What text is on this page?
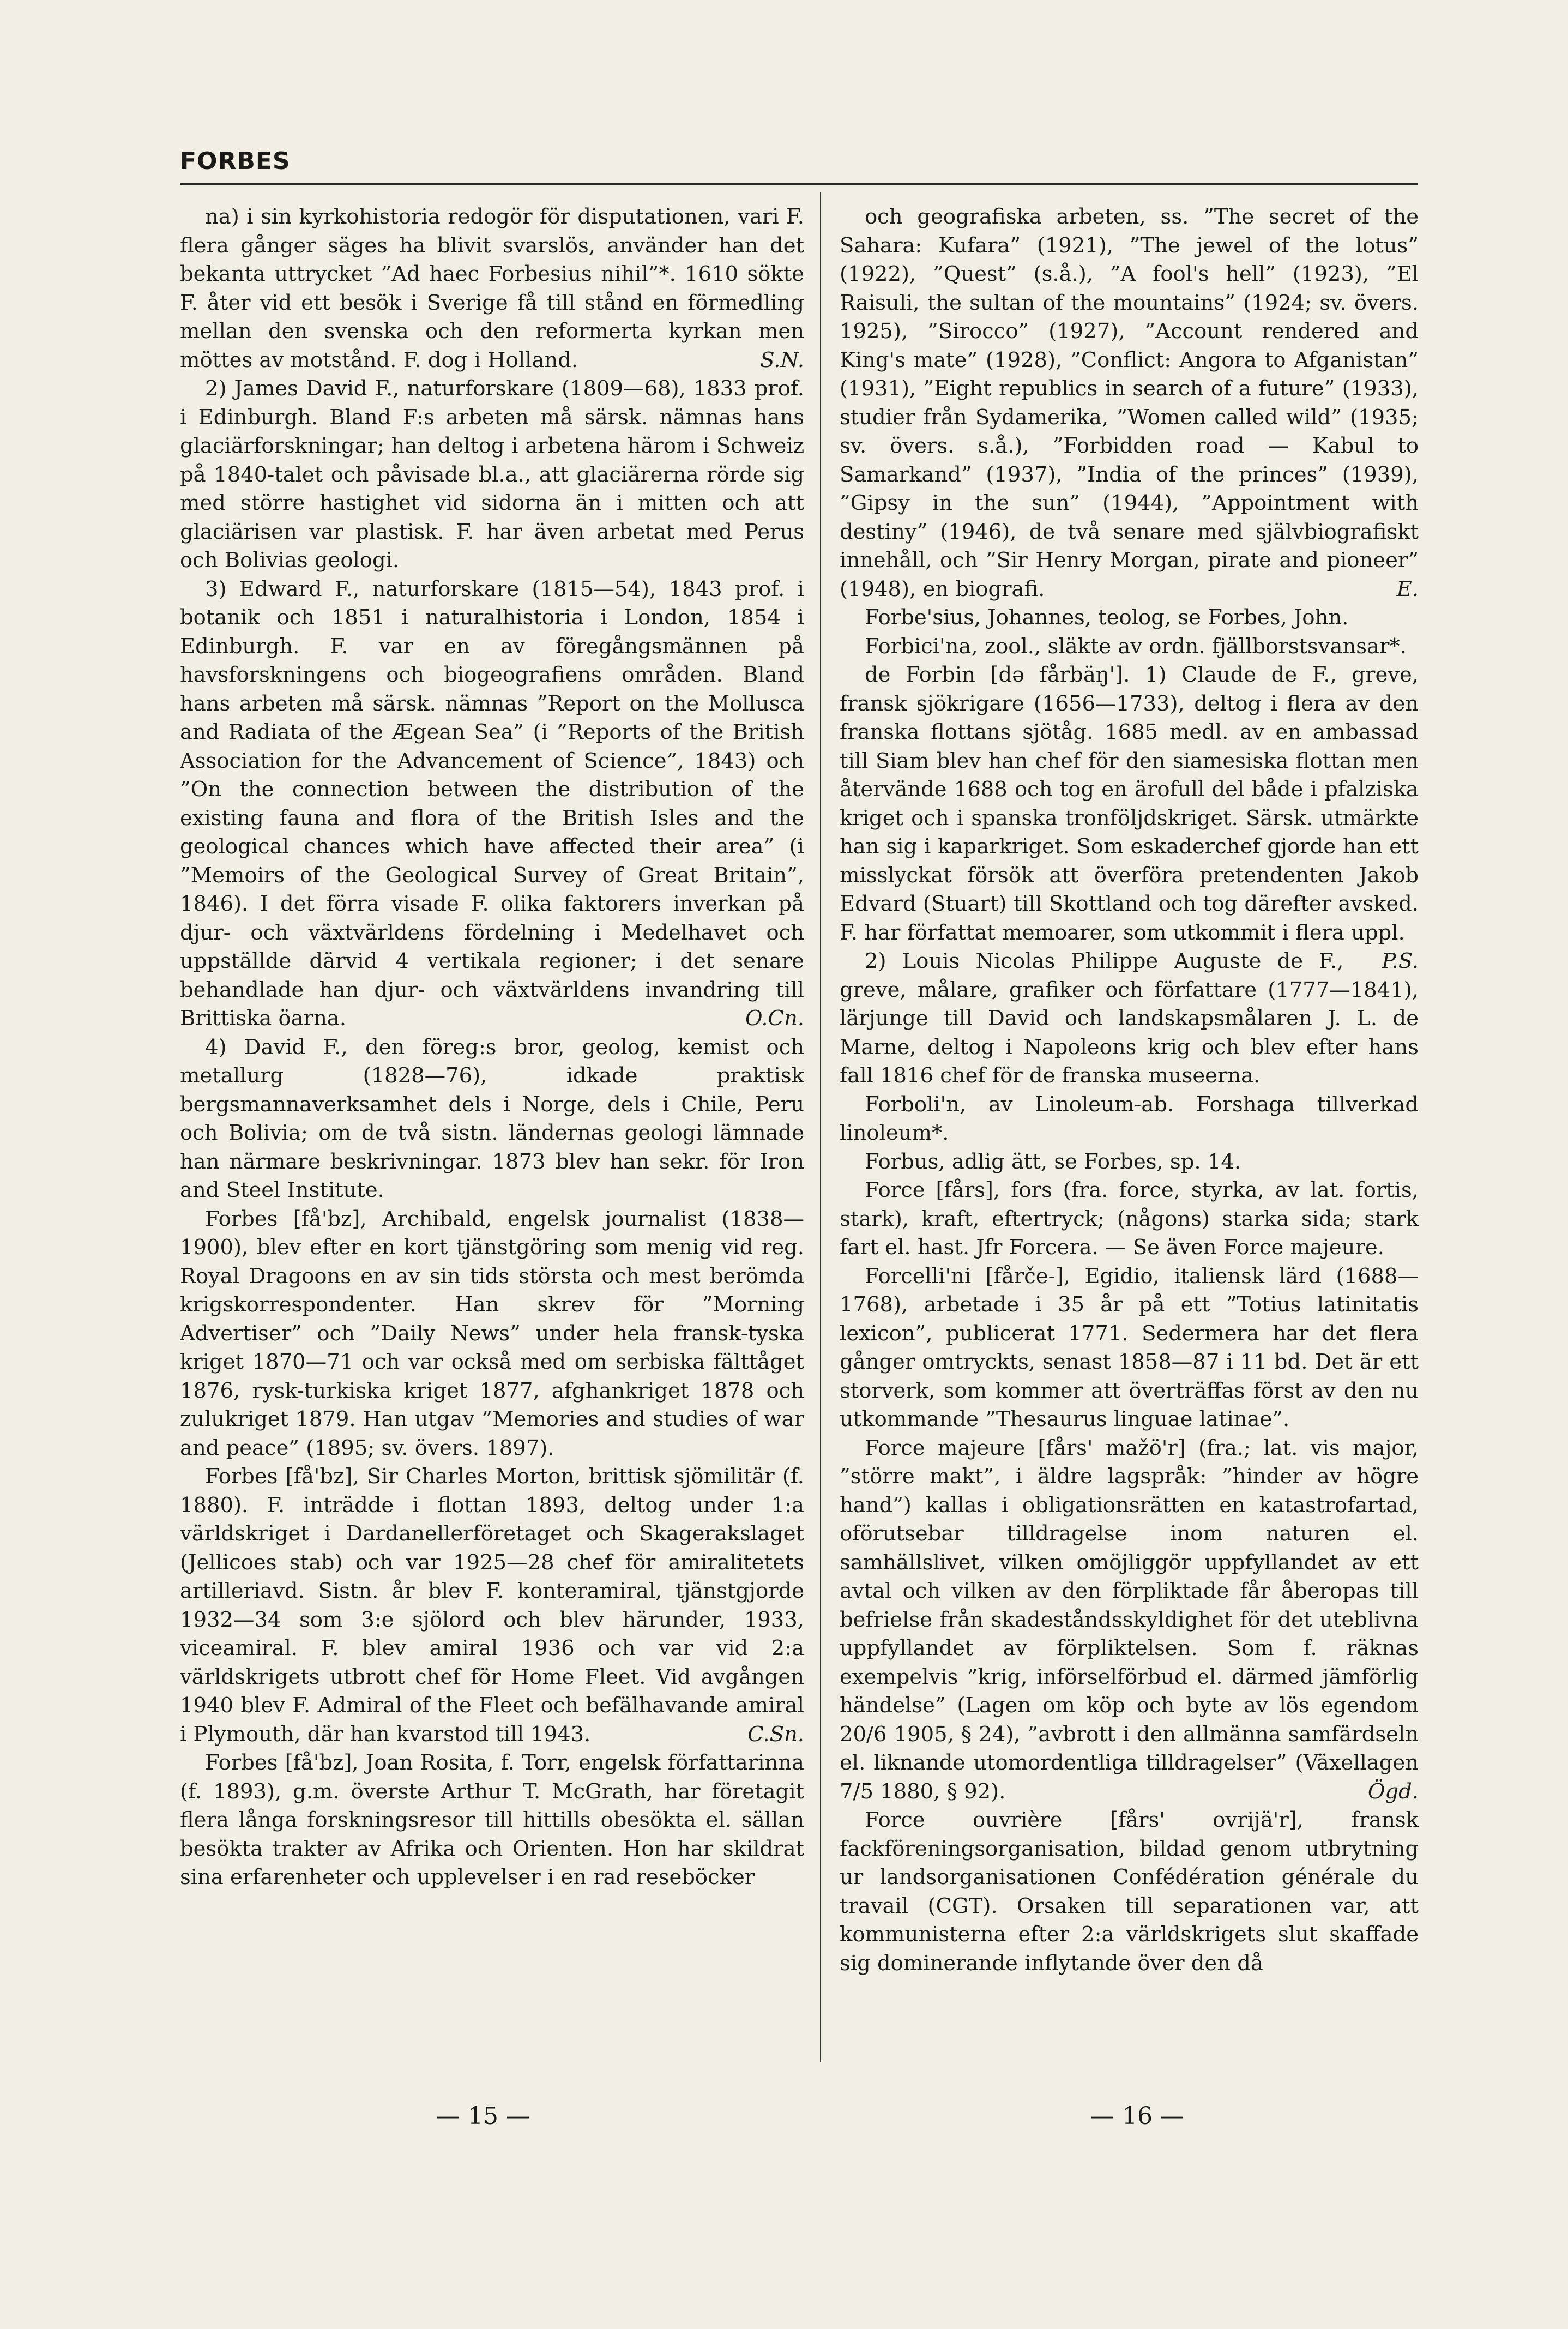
FORBES

na) i sin kyrkohistoria redogör för disputationen, vari F. flera gånger säges ha blivit svarslös, använder han det bekanta uttrycket ”Ad haec Forbesius nihil”*. 1610 sökte F. åter vid ett besök i Sverige få till stånd en förmedling mellan den svenska och den reformerta kyrkan men möttes av motstånd. F. dog i Holland.	S.N.

2) James David F., naturforskare (1809—68), 1833 prof. i Edinburgh. Bland F:s arbeten må särsk. nämnas hans glaciärforskningar; han deltog i arbetena härom i Schweiz på 1840-talet och påvisade bl.a., att glaciärerna rörde sig med större hastighet vid sidorna än i mitten och att glaciärisen var plastisk. F. har även arbetat med Perus och Bolivias geologi.

3) Edward F., naturforskare (1815—54), 1843 prof. i botanik och 1851 i naturalhistoria i London, 1854 i Edinburgh. F. var en av föregångsmännen på havsforskningens och biogeografiens områden. Bland hans arbeten må särsk. nämnas ”Report on the Mollusca and Radiata of the Ægean Sea” (i ”Reports of the British Association for the Advancement of Science”, 1843) och ”On the connection between the distribution of the existing fauna and flora of the British Isles and the geological chances which have affected their area” (i ”Memoirs of the Geological Survey of Great Britain”, 1846). I det förra visade F. olika faktorers inverkan på djur- och växtvärldens fördelning i Medelhavet och uppställde därvid 4 vertikala regioner; i det senare behandlade han djur- och växtvärldens invandring till Brittiska öarna.	O.Cn.

4) David F., den föreg:s bror, geolog, kemist och metallurg (1828—76), idkade praktisk bergsmannaverksamhet dels i Norge, dels i Chile, Peru och Bolivia; om de två sistn. ländernas geologi lämnade han närmare beskrivningar. 1873 blev han sekr. för Iron and Steel Institute.

Forbes [få'bz], Archibald, engelsk journalist (1838—1900), blev efter en kort tjänstgöring som menig vid reg. Royal Dragoons en av sin tids största och mest berömda krigskorrespondenter. Han skrev för ”Morning Advertiser” och ”Daily News” under hela fransk-tyska kriget 1870—71 och var också med om serbiska fälttåget 1876, rysk-turkiska kriget 1877, afghankriget 1878 och zulukriget 1879. Han utgav ”Memories and studies of war and peace” (1895; sv. övers. 1897).

Forbes [få'bz], Sir Charles Morton, brittisk sjömilitär (f. 1880). F. inträdde i flottan 1893, deltog under 1:a världskriget i Dardanellerföretaget och Skagerakslaget (Jellicoes stab) och var 1925—28 chef för amiralitetets artilleriavd. Sistn. år blev F. konteramiral, tjänstgjorde 1932—34 som 3:e sjölord och blev härunder, 1933, viceamiral. F. blev amiral 1936 och var vid 2:a världskrigets utbrott chef för Home Fleet. Vid avgången 1940 blev F. Admiral of the Fleet och befälhavande amiral i Plymouth, där han kvarstod till 1943.	C.Sn.

Forbes [få'bz], Joan Rosita, f. Torr, engelsk författarinna (f. 1893), g.m. överste Arthur T. McGrath, har företagit flera långa forskningsresor till hittills obesökta el. sällan besökta trakter av Afrika och Orienten. Hon har skildrat sina erfarenheter och upplevelser i en rad reseböcker

och geografiska arbeten, ss. ”The secret of the Sahara: Kufara” (1921), ”The jewel of the lotus” (1922), ”Quest” (s.å.), ”A fool's hell” (1923), ”El Raisuli, the sultan of the mountains” (1924; sv. övers. 1925), ”Sirocco” (1927), ”Account rendered and King's mate” (1928), ”Conflict: Angora to Afganistan” (1931), ”Eight republics in search of a future” (1933), studier från Sydamerika, ”Women called wild” (1935; sv. övers. s.å.), ”Forbidden road — Kabul to Samarkand” (1937), ”India of the princes” (1939), ”Gipsy in the sun” (1944), ”Appointment with destiny” (1946), de två senare med självbiografiskt innehåll, och ”Sir Henry Morgan, pirate and pioneer” (1948), en biografi.	E.

Forbe'sius, Johannes, teolog, se Forbes, John.

Forbici'na, zool., släkte av ordn. fjällborstsvansar*.

de Forbin [də fårbäŋ']. 1) Claude de F., greve, fransk sjökrigare (1656—1733), deltog i flera av den franska flottans sjötåg. 1685 medl. av en ambassad till Siam blev han chef för den siamesiska flottan men återvände 1688 och tog en ärofull del både i pfalziska kriget och i spanska tronföljdskriget. Särsk. utmärkte han sig i kaparkriget. Som eskaderchef gjorde han ett misslyckat försök att överföra pretendenten Jakob Edvard (Stuart) till Skottland och tog därefter avsked. F. har författat memoarer, som utkommit i flera uppl.
P.S.

2) Louis Nicolas Philippe Auguste de F., greve, målare, grafiker och författare (1777—1841), lärjunge till David och landskapsmålaren J. L. de Marne, deltog i Napoleons krig och blev efter hans fall 1816 chef för de franska museerna.

Forboli'n, av Linoleum-ab. Forshaga tillverkad linoleum*.

Forbus, adlig ätt, se Forbes, sp. 14.

Force [fårs], fors (fra. force, styrka, av lat. fortis, stark), kraft, eftertryck; (någons) starka sida; stark fart el. hast. Jfr Forcera. — Se även Force majeure.

Forcelli'ni [fårče-], Egidio, italiensk lärd (1688—1768), arbetade i 35 år på ett ”Totius latinitatis lexicon”, publicerat 1771. Sedermera har det flera gånger omtryckts, senast 1858—87 i 11 bd. Det är ett storverk, som kommer att överträffas först av den nu utkommande ”Thesaurus linguae latinae”.

Force majeure [fårs' mažö'r] (fra.; lat. vis major, ”större makt”, i äldre lagspråk: ”hinder av högre hand”) kallas i obligationsrätten en katastrofartad, oförutsebar tilldragelse inom naturen el. samhällslivet, vilken omöjliggör uppfyllandet av ett avtal och vilken av den förpliktade får åberopas till befrielse från skadeståndsskyldighet för det uteblivna uppfyllandet av förpliktelsen. Som f. räknas exempelvis ”krig, införselförbud el. därmed jämförlig händelse” (Lagen om köp och byte av lös egendom 20/6 1905, § 24), ”avbrott i den allmänna samfärdseln el. liknande utomordentliga tilldragelser” (Växellagen 7/5 1880, § 92).	Ögd.

Force ouvrière [fårs' ovrijä'r], fransk fackföreningsorganisation, bildad genom utbrytning ur landsorganisationen Confédération générale du travail (CGT). Orsaken till separationen var, att kommunisterna efter 2:a världskrigets slut skaffade sig dominerande inflytande över den då

— 15 —	— 16 —
